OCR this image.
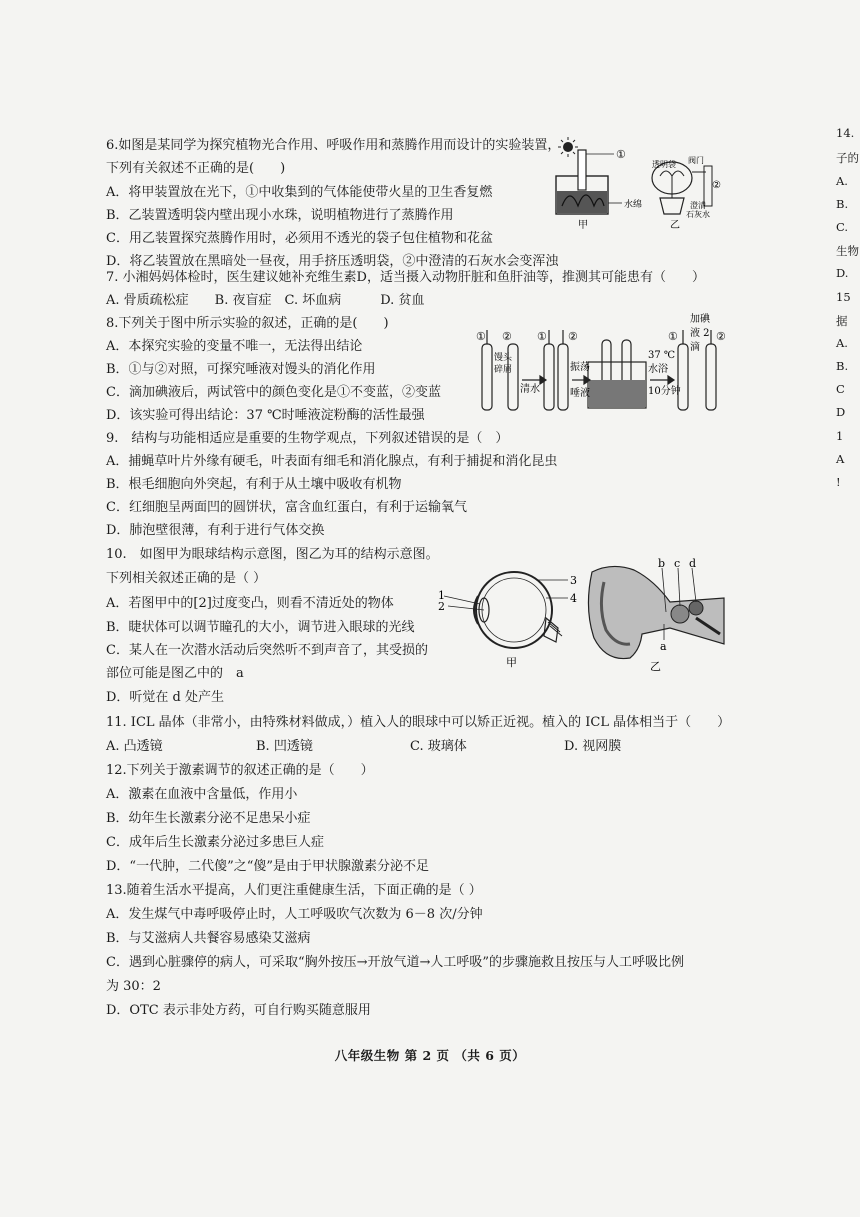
6.如图是某同学为探究植物光合作用、呼吸作用和蒸腾作用而设计的实验装置，
下列有关叙述不正确的是(　　)
A．将甲装置放在光下，①中收集到的气体能使带火星的卫生香复燃
B．乙装置透明袋内壁出现小水珠，说明植物进行了蒸腾作用
C．用乙装置探究蒸腾作用时，必须用不透光的袋子包住植物和花盆
D．将乙装置放在黑暗处一昼夜，用手挤压透明袋，②中澄清的石灰水会变浑浊
①
水绵
甲
透明袋 阀门
②
澄清
石灰水
乙
7. 小湘妈妈体检时，医生建议她补充维生素D，适当摄入动物肝脏和鱼肝油等，推测其可能患有（　　）
A. 骨质疏松症　　B. 夜盲症　C. 坏血病　　　D. 贫血
8.下列关于图中所示实验的叙述，正确的是(　　)
A．本探究实验的变量不唯一，无法得出结论
B．①与②对照，可探究唾液对馒头的消化作用
C．滴加碘液后，两试管中的颜色变化是①不变蓝，②变蓝
D．该实验可得出结论：37 ℃时唾液淀粉酶的活性最强
① ② ① ②
馒头
碎屑
清水
振荡
唾液
37 ℃
水浴
10分钟
加碘
液 2
滴
①	②
9.　结构与功能相适应是重要的生物学观点，下列叙述错误的是（　）
A．捕蝇草叶片外缘有硬毛，叶表面有细毛和消化腺点，有利于捕捉和消化昆虫
B．根毛细胞向外突起，有利于从土壤中吸收有机物
C．红细胞呈两面凹的圆饼状，富含血红蛋白，有利于运输氧气
D．肺泡壁很薄，有利于进行气体交换
10.　如图甲为眼球结构示意图，图乙为耳的结构示意图。
下列相关叙述正确的是（ ）
A．若图甲中的[2]过度变凸，则看不清近处的物体
B．睫状体可以调节瞳孔的大小，调节进入眼球的光线
C．某人在一次潜水活动后突然听不到声音了，其受损的
部位可能是图乙中的　a
D．听觉在 d 处产生
1
2
3
4
甲
b c d
a
乙
11. ICL 晶体（非常小，由特殊材料做成，）植入人的眼球中可以矫正近视。植入的 ICL 晶体相当于（　　）
A. 凸透镜	B. 凹透镜	C. 玻璃体	D. 视网膜
12.下列关于激素调节的叙述正确的是（　　）
A．激素在血液中含量低，作用小
B．幼年生长激素分泌不足患呆小症
C．成年后生长激素分泌过多患巨人症
D．“一代肿，二代傻”之“傻”是由于甲状腺激素分泌不足
13.随着生活水平提高，人们更注重健康生活，下面正确的是（ ）
A．发生煤气中毒呼吸停止时，人工呼吸吹气次数为 6－8 次/分钟
B．与艾滋病人共餐容易感染艾滋病
C．遇到心脏骤停的病人，可采取“胸外按压→开放气道→人工呼吸”的步骤施救且按压与人工呼吸比例
为 30：2
D．OTC 表示非处方药，可自行购买随意服用
14.
子的
A.
B.
C.
生物
D.
15
据
A.
B.
C
D
1
A
!
八年级生物 第 2 页 （共 6 页）
